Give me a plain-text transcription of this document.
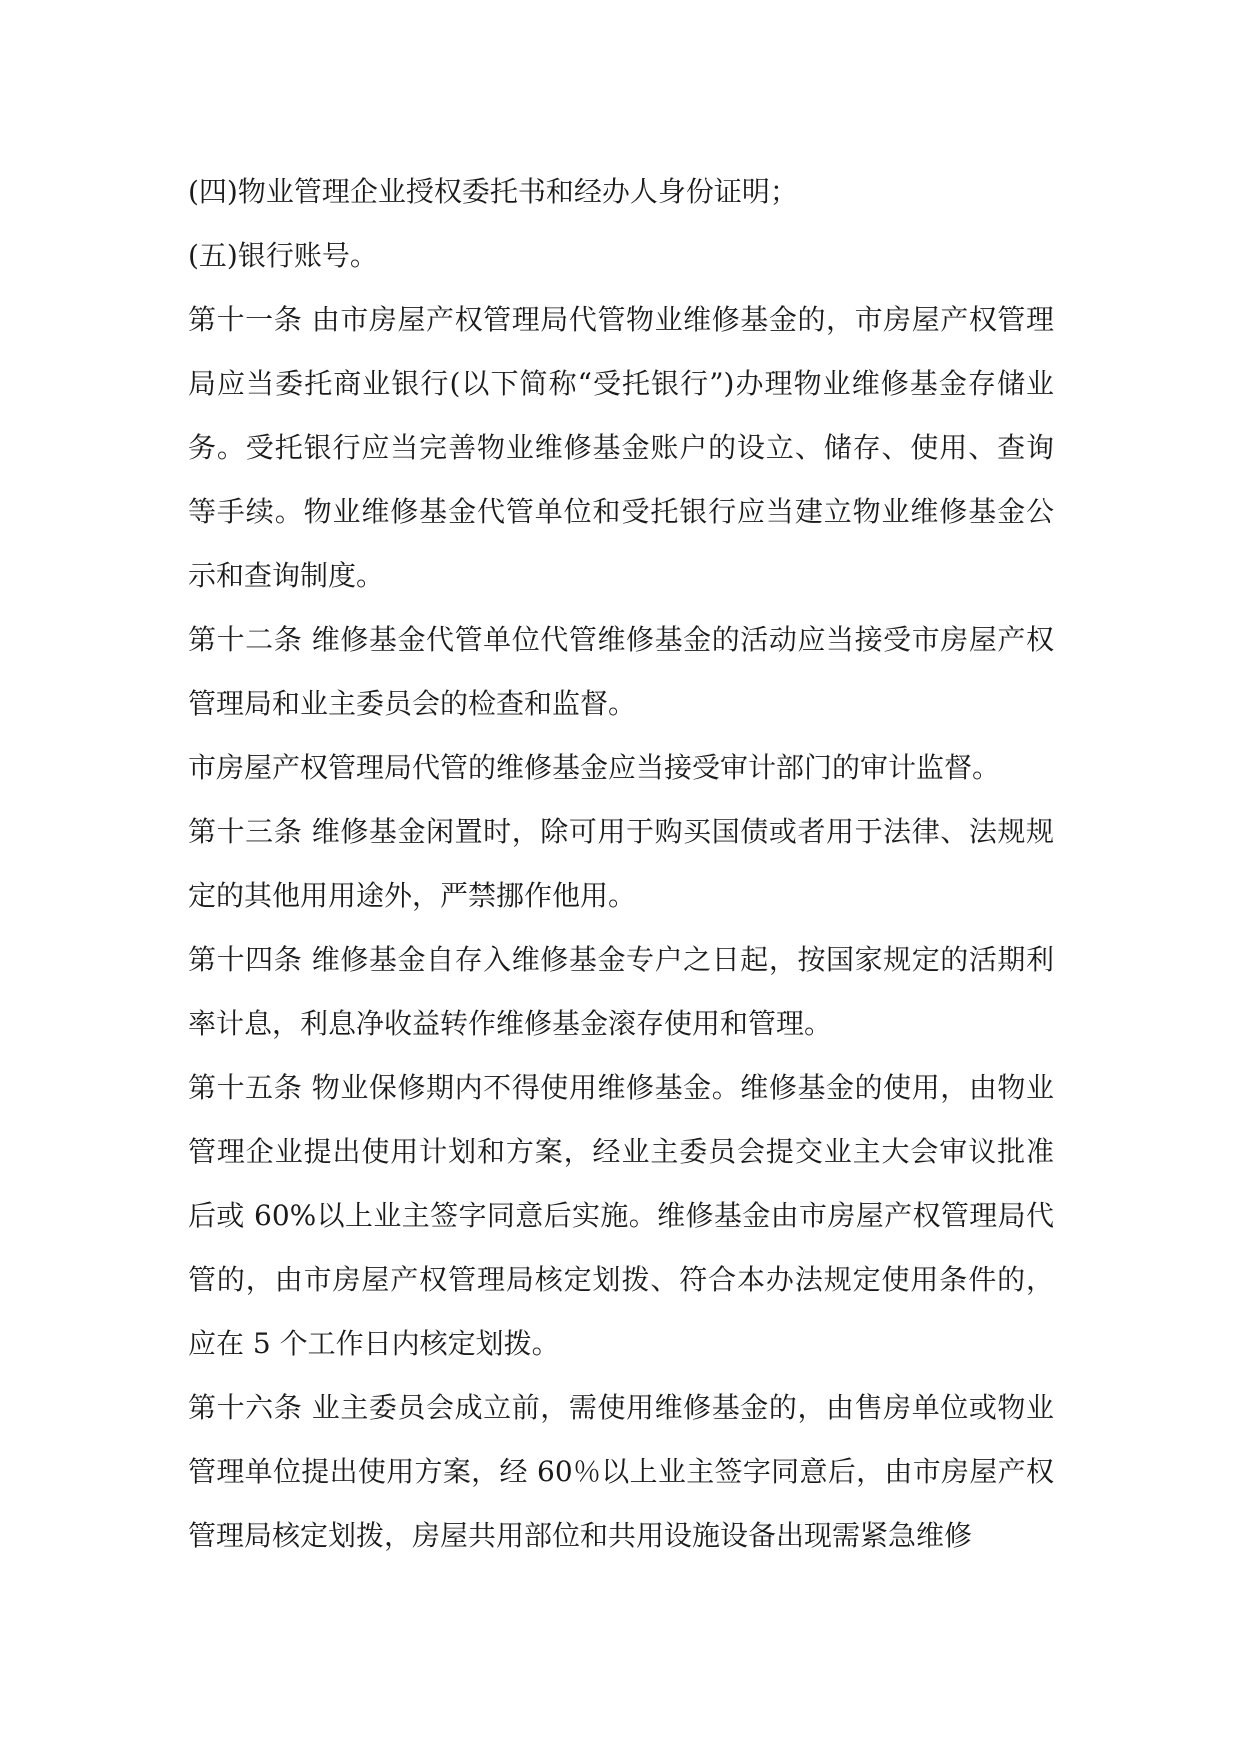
(四)物业管理企业授权委托书和经办人身份证明；

(五)银行账号。

第十一条 由市房屋产权管理局代管物业维修基金的，市房屋产权管理局应当委托商业银行(以下简称“受托银行”)办理物业维修基金存储业务。受托银行应当完善物业维修基金账户的设立、储存、使用、查询等手续。物业维修基金代管单位和受托银行应当建立物业维修基金公示和查询制度。

第十二条 维修基金代管单位代管维修基金的活动应当接受市房屋产权管理局和业主委员会的检查和监督。

市房屋产权管理局代管的维修基金应当接受审计部门的审计监督。

第十三条 维修基金闲置时，除可用于购买国债或者用于法律、法规规定的其他用用途外，严禁挪作他用。

第十四条 维修基金自存入维修基金专户之日起，按国家规定的活期利率计息，利息净收益转作维修基金滚存使用和管理。

第十五条 物业保修期内不得使用维修基金。维修基金的使用，由物业管理企业提出使用计划和方案，经业主委员会提交业主大会审议批准后或 60%以上业主签字同意后实施。维修基金由市房屋产权管理局代管的，由市房屋产权管理局核定划拨、符合本办法规定使用条件的，应在 5 个工作日内核定划拨。

第十六条 业主委员会成立前，需使用维修基金的，由售房单位或物业管理单位提出使用方案，经 60％以上业主签字同意后，由市房屋产权管理局核定划拨，房屋共用部位和共用设施设备出现需紧急维修
